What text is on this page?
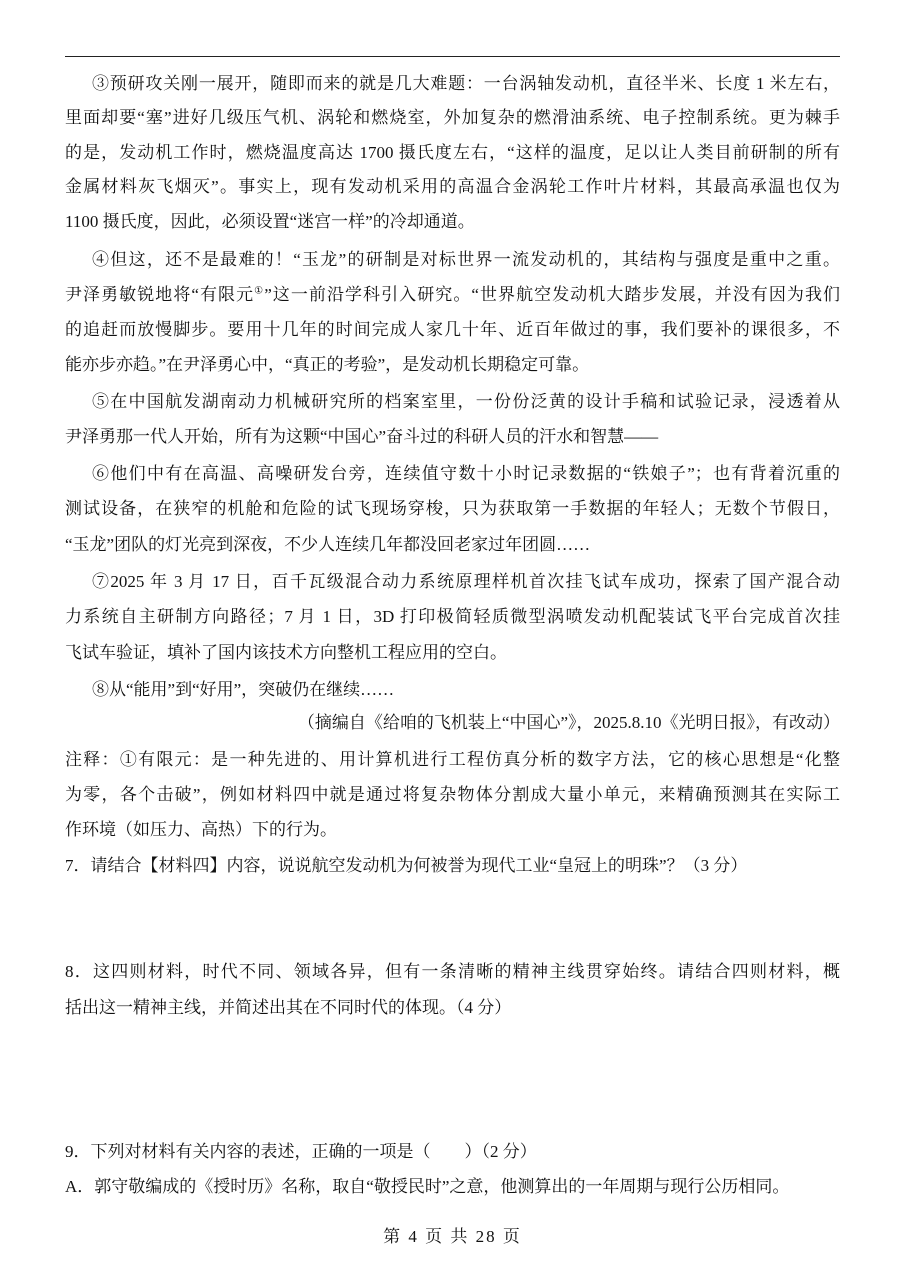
③预研攻关刚一展开，随即而来的就是几大难题：一台涡轴发动机，直径半米、长度 1 米左右，
里面却要“塞”进好几级压气机、涡轮和燃烧室，外加复杂的燃滑油系统、电子控制系统。更为棘手
的是，发动机工作时，燃烧温度高达 1700 摄氏度左右，“这样的温度，足以让人类目前研制的所有
金属材料灰飞烟灭”。事实上，现有发动机采用的高温合金涡轮工作叶片材料，其最高承温也仅为
1100 摄氏度，因此，必须设置“迷宫一样”的冷却通道。
④但这，还不是最难的！“玉龙”的研制是对标世界一流发动机的，其结构与强度是重中之重。
尹泽勇敏锐地将“有限元①”这一前沿学科引入研究。“世界航空发动机大踏步发展，并没有因为我们
的追赶而放慢脚步。要用十几年的时间完成人家几十年、近百年做过的事，我们要补的课很多，不
能亦步亦趋。”在尹泽勇心中，“真正的考验”，是发动机长期稳定可靠。
⑤在中国航发湖南动力机械研究所的档案室里，一份份泛黄的设计手稿和试验记录，浸透着从
尹泽勇那一代人开始，所有为这颗“中国心”奋斗过的科研人员的汗水和智慧——
⑥他们中有在高温、高噪研发台旁，连续值守数十小时记录数据的“铁娘子”；也有背着沉重的
测试设备，在狭窄的机舱和危险的试飞现场穿梭，只为获取第一手数据的年轻人；无数个节假日，
“玉龙”团队的灯光亮到深夜，不少人连续几年都没回老家过年团圆……
⑦2025 年 3 月 17 日，百千瓦级混合动力系统原理样机首次挂飞试车成功，探索了国产混合动
力系统自主研制方向路径；7 月 1 日，3D 打印极简轻质微型涡喷发动机配装试飞平台完成首次挂
飞试车验证，填补了国内该技术方向整机工程应用的空白。
⑧从“能用”到“好用”，突破仍在继续……
（摘编自《给咱的飞机装上“中国心”》，2025.8.10《光明日报》，有改动）
注释：①有限元：是一种先进的、用计算机进行工程仿真分析的数字方法，它的核心思想是“化整
为零，各个击破”，例如材料四中就是通过将复杂物体分割成大量小单元，来精确预测其在实际工
作环境（如压力、高热）下的行为。
7．请结合【材料四】内容，说说航空发动机为何被誉为现代工业“皇冠上的明珠”？（3 分）
8．这四则材料，时代不同、领域各异，但有一条清晰的精神主线贯穿始终。请结合四则材料，概
括出这一精神主线，并简述出其在不同时代的体现。（4 分）
9．下列对材料有关内容的表述，正确的一项是（　　）（2 分）
A．郭守敬编成的《授时历》名称，取自“敬授民时”之意，他测算出的一年周期与现行公历相同。
第 4 页 共 28 页
